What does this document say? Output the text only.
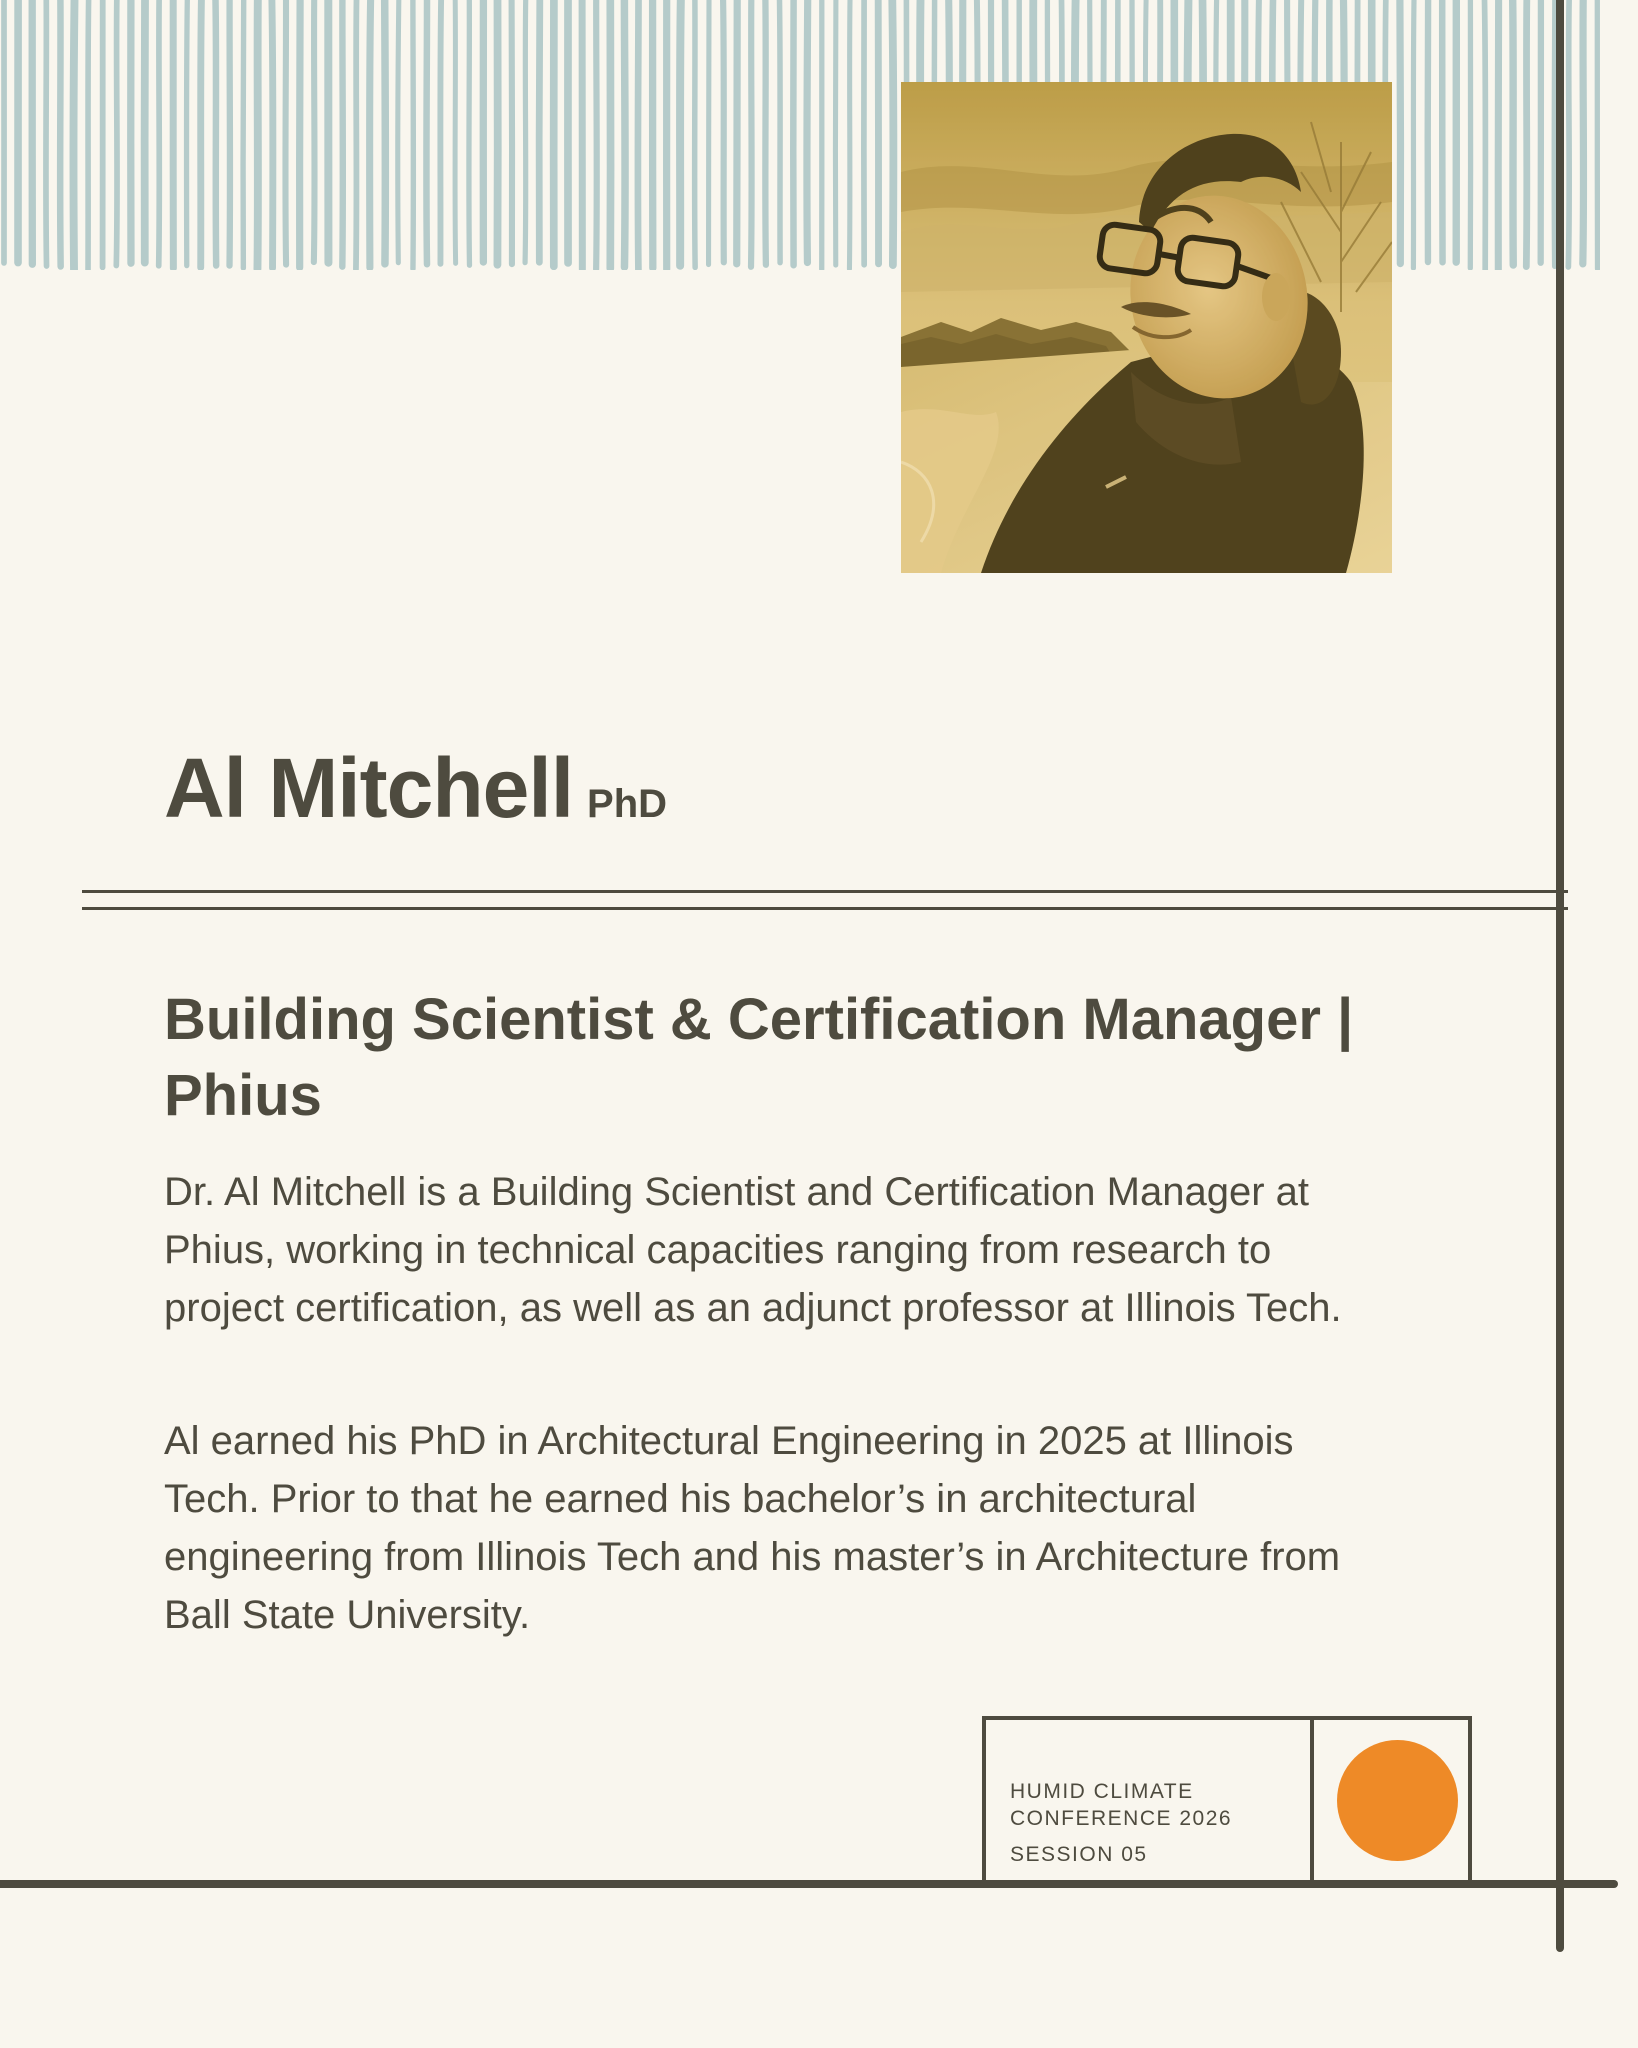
Al Mitchell PhD
Building Scientist & Certification Manager | Phius

Dr. Al Mitchell is a Building Scientist and Certification Manager at Phius, working in technical capacities ranging from research to project certification, as well as an adjunct professor at Illinois Tech.

Al earned his PhD in Architectural Engineering in 2025 at Illinois Tech. Prior to that he earned his bachelor’s in architectural engineering from Illinois Tech and his master’s in Architecture from Ball State University.

HUMID CLIMATE CONFERENCE 2026
SESSION 05
